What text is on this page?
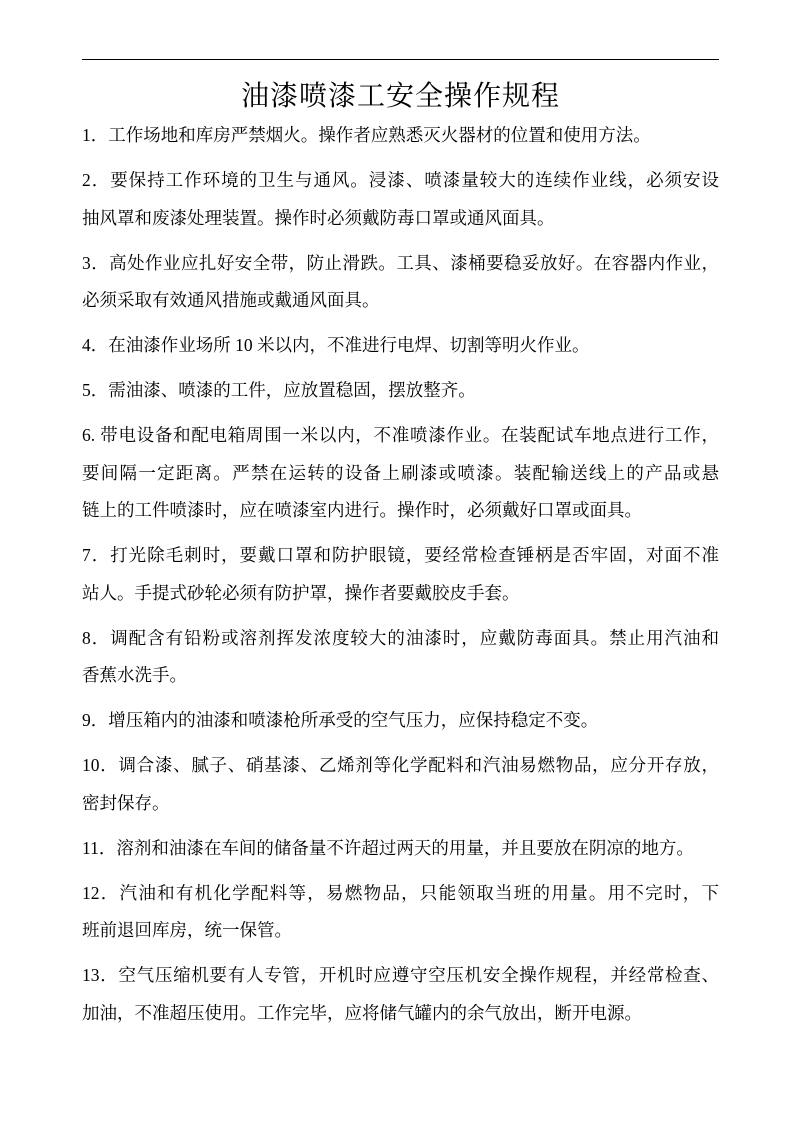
油漆喷漆工安全操作规程
1．工作场地和库房严禁烟火。操作者应熟悉灭火器材的位置和使用方法。
2．要保持工作环境的卫生与通风。浸漆、喷漆量较大的连续作业线，必须安设
抽风罩和废漆处理装置。操作时必须戴防毒口罩或通风面具。
3．高处作业应扎好安全带，防止滑跌。工具、漆桶要稳妥放好。在容器内作业，
必须采取有效通风措施或戴通风面具。
4．在油漆作业场所 10 米以内，不准进行电焊、切割等明火作业。
5．需油漆、喷漆的工件，应放置稳固，摆放整齐。
6. 带电设备和配电箱周围一米以内，不准喷漆作业。在装配试车地点进行工作，
要间隔一定距离。严禁在运转的设备上刷漆或喷漆。装配输送线上的产品或悬
链上的工件喷漆时，应在喷漆室内进行。操作时，必须戴好口罩或面具。
7．打光除毛刺时，要戴口罩和防护眼镜，要经常检查锤柄是否牢固，对面不准
站人。手提式砂轮必须有防护罩，操作者要戴胶皮手套。
8．调配含有铅粉或溶剂挥发浓度较大的油漆时，应戴防毒面具。禁止用汽油和
香蕉水洗手。
9．增压箱内的油漆和喷漆枪所承受的空气压力，应保持稳定不变。
10．调合漆、腻子、硝基漆、乙烯剂等化学配料和汽油易燃物品，应分开存放，
密封保存。
11．溶剂和油漆在车间的储备量不许超过两天的用量，并且要放在阴凉的地方。
12．汽油和有机化学配料等，易燃物品，只能领取当班的用量。用不完时，下
班前退回库房，统一保管。
13．空气压缩机要有人专管，开机时应遵守空压机安全操作规程，并经常检查、
加油，不准超压使用。工作完毕，应将储气罐内的余气放出，断开电源。
